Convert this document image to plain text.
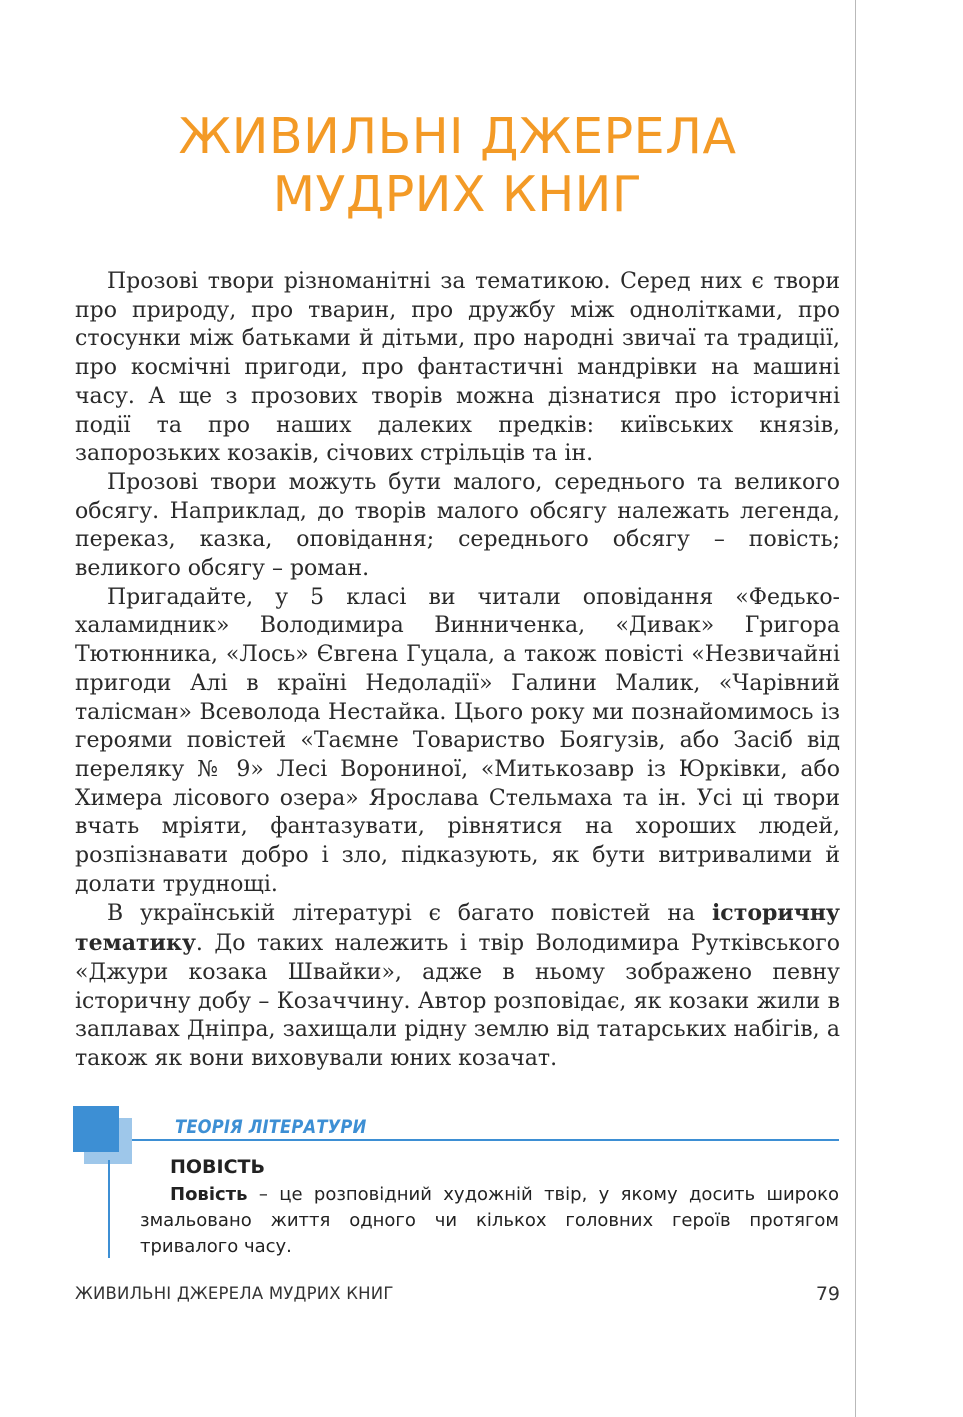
ЖИВИЛЬНІ ДЖЕРЕЛА
МУДРИХ КНИГ

Прозові твори різноманітні за тематикою. Серед них є твори про природу, про тварин, про дружбу між однолітками, про стосунки між батьками й дітьми, про народні звичаї та традиції, про космічні пригоди, про фантастичні мандрівки на машині часу. А ще з прозових творів можна дізнатися про історичні події та про наших далеких предків: київських князів, запорозьких козаків, січових стрільців та ін.

Прозові твори можуть бути малого, середнього та великого обсягу. Наприклад, до творів малого обсягу належать легенда, переказ, казка, оповідання; середнього обсягу – повість; великого обсягу – роман.

Пригадайте, у 5 класі ви читали оповідання «Федько-халамидник» Володимира Винниченка, «Дивак» Григора Тютюнника, «Лось» Євгена Гуцала, а також повісті «Незвичайні пригоди Алі в країні Недоладії» Галини Малик, «Чарівний талісман» Всеволода Нестайка. Цього року ми познайомимось із героями повістей «Таємне Товариство Боягузів, або Засіб від переляку № 9» Лесі Ворониної, «Митькозавр із Юрківки, або Химера лісового озера» Ярослава Стельмаха та ін. Усі ці твори вчать мріяти, фантазувати, рівнятися на хороших людей, розпізнавати добро і зло, підказують, як бути витривалими й долати труднощі.

В українській літературі є багато повістей на історичну тематику. До таких належить і твір Володимира Рутківського «Джури козака Швайки», адже в ньому зображено певну історичну добу – Козаччину. Автор розповідає, як козаки жили в заплавах Дніпра, захищали рідну землю від татарських набігів, а також як вони виховували юних козачат.

ТЕОРІЯ ЛІТЕРАТУРИ
ПОВІСТЬ

Повість – це розповідний художній твір, у якому досить широко змальовано життя одного чи кількох головних героїв протягом тривалого часу.

ЖИВИЛЬНІ ДЖЕРЕЛА МУДРИХ КНИГ	79
